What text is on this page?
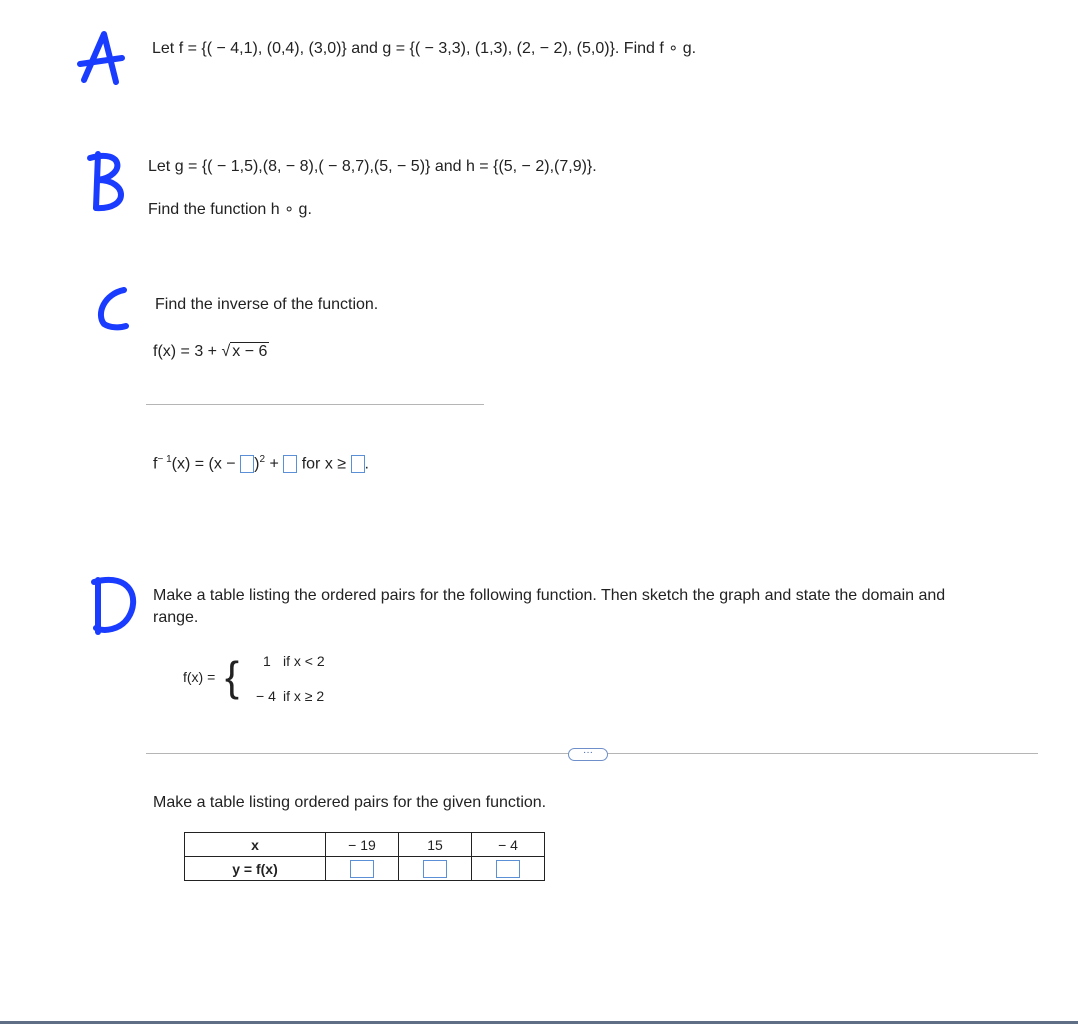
Let f = {( − 4,1), (0,4), (3,0)} and g = {( − 3,3), (1,3), (2, − 2), (5,0)}. Find f ∘ g.
Let g = {( − 1,5),(8, − 8),( − 8,7),(5, − 5)} and h = {(5, − 2),(7,9)}.
Find the function h ∘ g.
Find the inverse of the function.
f(x) = 3 + √ x − 6
$f^{- 1}(x) = (x - )^2$ +  for x ≥ .
Make a table listing the ordered pairs for the following function. Then sketch the graph and state the domain and
range.
f(x) = { 1 if x < 2
− 4 if x ≥ 2
···
Make a table listing ordered pairs for the given function.
x	− 19	15	− 4
y = f(x)			
